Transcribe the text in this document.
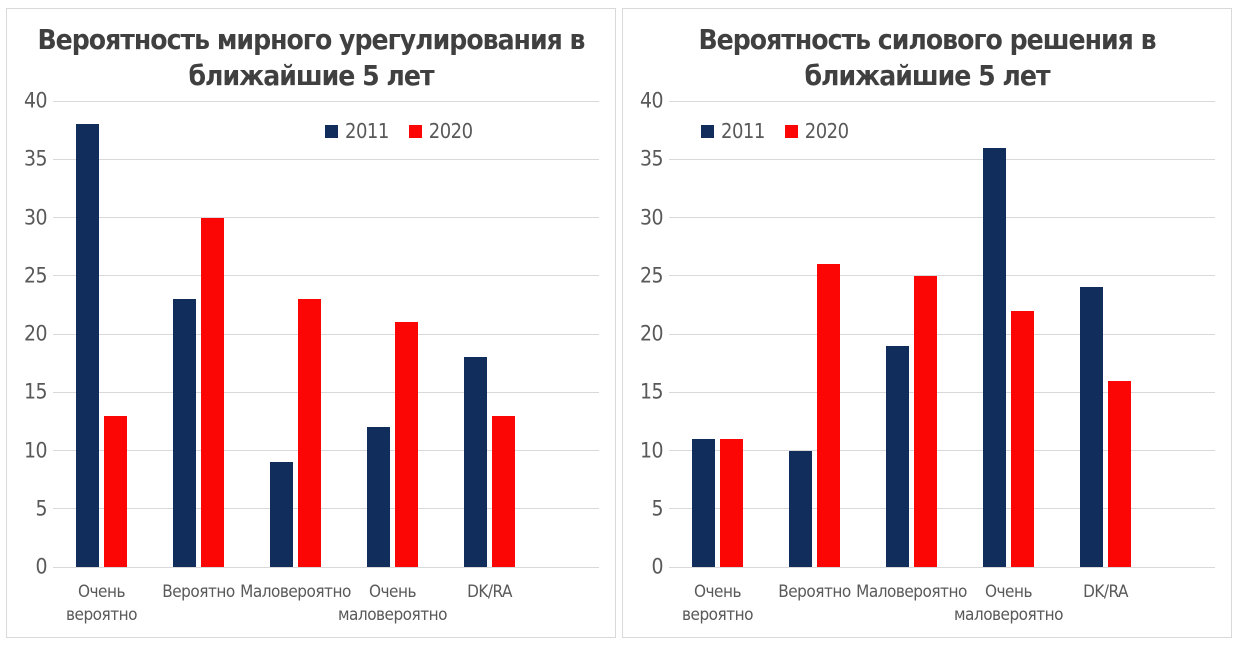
Вероятность мирного урегулирования в
ближайшие 5 лет
0
5
10
15
20
25
30
35
40
2011 2020
Очень
вероятно
Вероятно Маловероятно Очень
маловероятно
DK/RA
Вероятность силового решения в
ближайшие 5 лет
0
5
10
15
20
25
30
35
40
2011 2020
Очень
вероятно
Вероятно Маловероятно Очень
маловероятно
DK/RA
